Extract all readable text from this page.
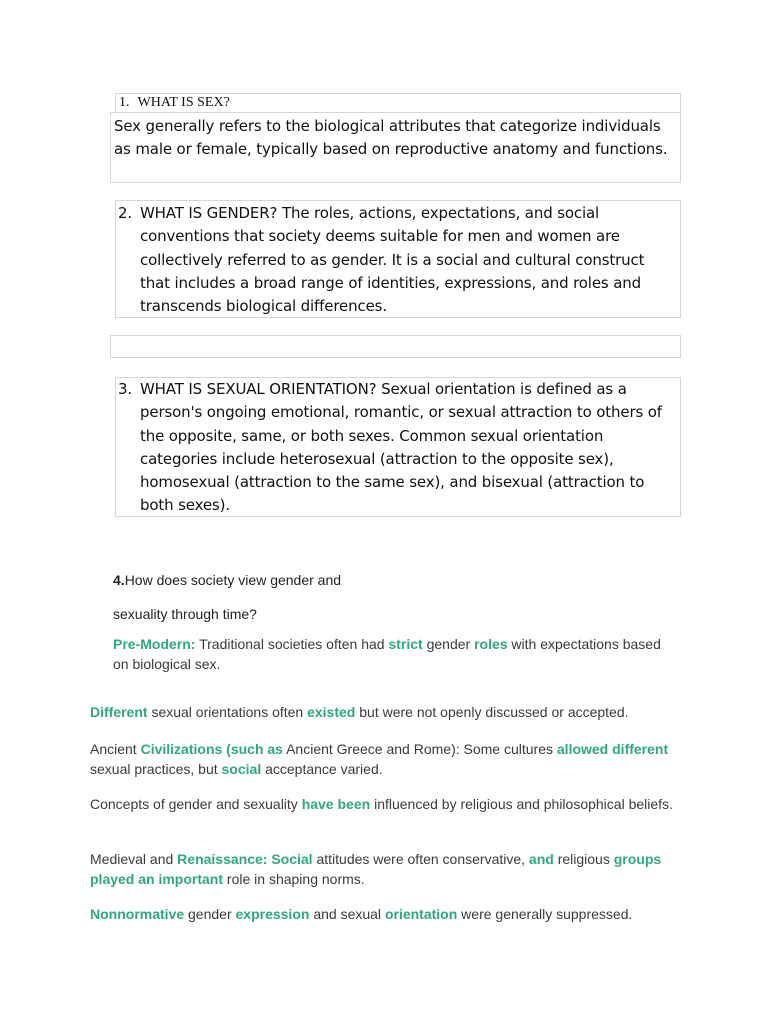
1. WHAT IS SEX?
Sex generally refers to the biological attributes that categorize individuals as male or female, typically based on reproductive anatomy and functions.
2. WHAT IS GENDER? The roles, actions, expectations, and social conventions that society deems suitable for men and women are collectively referred to as gender. It is a social and cultural construct that includes a broad range of identities, expressions, and roles and transcends biological differences.
3. WHAT IS SEXUAL ORIENTATION? Sexual orientation is defined as a person's ongoing emotional, romantic, or sexual attraction to others of the opposite, same, or both sexes. Common sexual orientation categories include heterosexual (attraction to the opposite sex), homosexual (attraction to the same sex), and bisexual (attraction to both sexes).
4.How does society view gender and
sexuality through time?
Pre-Modern: Traditional societies often had strict gender roles with expectations based on biological sex.
Different sexual orientations often existed but were not openly discussed or accepted.
Ancient Civilizations (such as Ancient Greece and Rome): Some cultures allowed different sexual practices, but social acceptance varied.
Concepts of gender and sexuality have been influenced by religious and philosophical beliefs.
Medieval and Renaissance: Social attitudes were often conservative, and religious groups played an important role in shaping norms.
Nonnormative gender expression and sexual orientation were generally suppressed.
